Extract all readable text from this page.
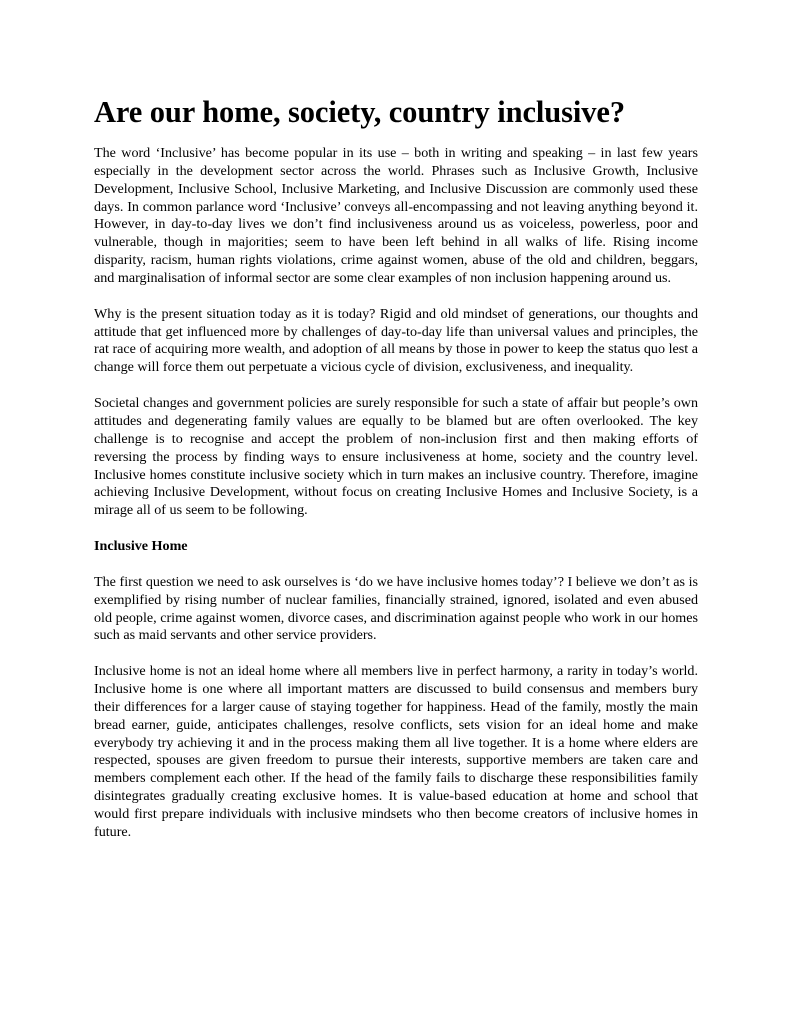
Are our home, society, country inclusive?

The word ‘Inclusive’ has become popular in its use – both in writing and speaking – in last few years especially in the development sector across the world. Phrases such as Inclusive Growth, Inclusive Development, Inclusive School, Inclusive Marketing, and Inclusive Discussion are commonly used these days. In common parlance word ‘Inclusive’ conveys all-encompassing and not leaving anything beyond it. However, in day-to-day lives we don’t find inclusiveness around us as voiceless, powerless, poor and vulnerable, though in majorities; seem to have been left behind in all walks of life. Rising income disparity, racism, human rights violations, crime against women, abuse of the old and children, beggars, and marginalisation of informal sector are some clear examples of non inclusion happening around us.

Why is the present situation today as it is today? Rigid and old mindset of generations, our thoughts and attitude that get influenced more by challenges of day-to-day life than universal values and principles, the rat race of acquiring more wealth, and adoption of all means by those in power to keep the status quo lest a change will force them out perpetuate a vicious cycle of division, exclusiveness, and inequality.

Societal changes and government policies are surely responsible for such a state of affair but people’s own attitudes and degenerating family values are equally to be blamed but are often overlooked. The key challenge is to recognise and accept the problem of non-inclusion first and then making efforts of reversing the process by finding ways to ensure inclusiveness at home, society and the country level. Inclusive homes constitute inclusive society which in turn makes an inclusive country. Therefore, imagine achieving Inclusive Development, without focus on creating Inclusive Homes and Inclusive Society, is a mirage all of us seem to be following.

Inclusive Home

The first question we need to ask ourselves is ‘do we have inclusive homes today’? I believe we don’t as is exemplified by rising number of nuclear families, financially strained, ignored, isolated and even abused old people, crime against women, divorce cases, and discrimination against people who work in our homes such as maid servants and other service providers.

Inclusive home is not an ideal home where all members live in perfect harmony, a rarity in today’s world. Inclusive home is one where all important matters are discussed to build consensus and members bury their differences for a larger cause of staying together for happiness. Head of the family, mostly the main bread earner, guide, anticipates challenges, resolve conflicts, sets vision for an ideal home and make everybody try achieving it and in the process making them all live together. It is a home where elders are respected, spouses are given freedom to pursue their interests, supportive members are taken care and members complement each other. If the head of the family fails to discharge these responsibilities family disintegrates gradually creating exclusive homes. It is value-based education at home and school that would first prepare individuals with inclusive mindsets who then become creators of inclusive homes in future.
